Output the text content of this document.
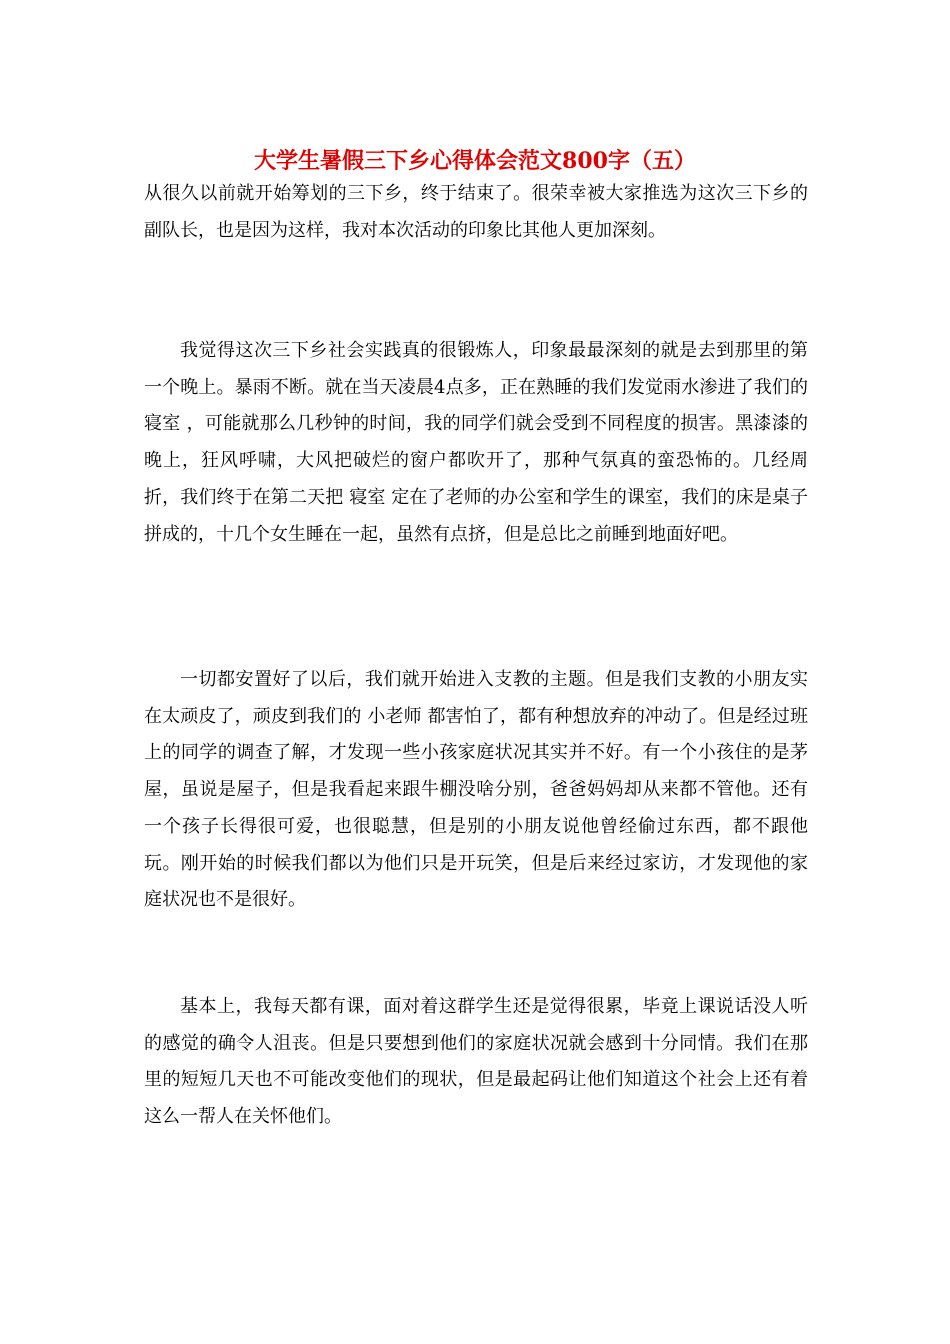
大学生暑假三下乡心得体会范文800字（五）

从很久以前就开始筹划的三下乡，终于结束了。很荣幸被大家推选为这次三下乡的副队长，也是因为这样，我对本次活动的印象比其他人更加深刻。

我觉得这次三下乡社会实践真的很锻炼人，印象最最深刻的就是去到那里的第一个晚上。暴雨不断。就在当天凌晨4点多，正在熟睡的我们发觉雨水渗进了我们的 寝室 ，可能就那么几秒钟的时间，我的同学们就会受到不同程度的损害。黑漆漆的晚上，狂风呼啸，大风把破烂的窗户都吹开了，那种气氛真的蛮恐怖的。几经周折，我们终于在第二天把 寝室 定在了老师的办公室和学生的课室，我们的床是桌子拼成的，十几个女生睡在一起，虽然有点挤，但是总比之前睡到地面好吧。

一切都安置好了以后，我们就开始进入支教的主题。但是我们支教的小朋友实在太顽皮了，顽皮到我们的 小老师 都害怕了，都有种想放弃的冲动了。但是经过班上的同学的调查了解，才发现一些小孩家庭状况其实并不好。有一个小孩住的是茅屋，虽说是屋子，但是我看起来跟牛棚没啥分别，爸爸妈妈却从来都不管他。还有一个孩子长得很可爱，也很聪慧，但是别的小朋友说他曾经偷过东西，都不跟他玩。刚开始的时候我们都以为他们只是开玩笑，但是后来经过家访，才发现他的家庭状况也不是很好。

基本上，我每天都有课，面对着这群学生还是觉得很累，毕竟上课说话没人听的感觉的确令人沮丧。但是只要想到他们的家庭状况就会感到十分同情。我们在那里的短短几天也不可能改变他们的现状，但是最起码让他们知道这个社会上还有着这么一帮人在关怀他们。
